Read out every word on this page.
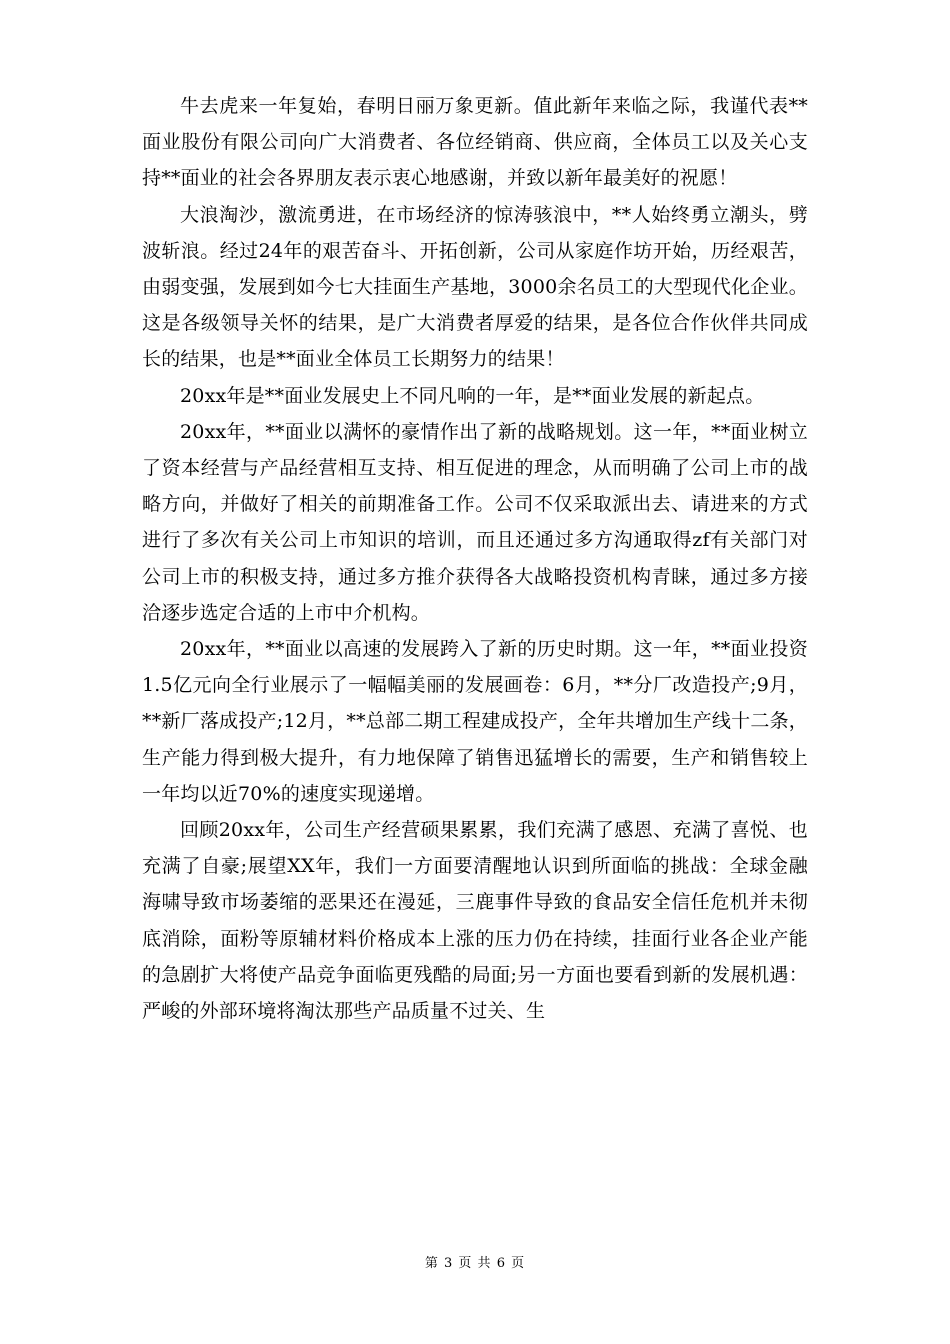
牛去虎来一年复始，春明日丽万象更新。值此新年来临之际，我谨代表**面业股份有限公司向广大消费者、各位经销商、供应商，全体员工以及关心支持**面业的社会各界朋友表示衷心地感谢，并致以新年最美好的祝愿！

大浪淘沙，激流勇进，在市场经济的惊涛骇浪中，**人始终勇立潮头，劈波斩浪。经过24年的艰苦奋斗、开拓创新，公司从家庭作坊开始，历经艰苦，由弱变强，发展到如今七大挂面生产基地，3000余名员工的大型现代化企业。这是各级领导关怀的结果，是广大消费者厚爱的结果，是各位合作伙伴共同成长的结果，也是**面业全体员工长期努力的结果！

20xx年是**面业发展史上不同凡响的一年，是**面业发展的新起点。

20xx年，**面业以满怀的豪情作出了新的战略规划。这一年，**面业树立了资本经营与产品经营相互支持、相互促进的理念，从而明确了公司上市的战略方向，并做好了相关的前期准备工作。公司不仅采取派出去、请进来的方式进行了多次有关公司上市知识的培训，而且还通过多方沟通取得zf有关部门对公司上市的积极支持，通过多方推介获得各大战略投资机构青睐，通过多方接洽逐步选定合适的上市中介机构。

20xx年，**面业以高速的发展跨入了新的历史时期。这一年，**面业投资1.5亿元向全行业展示了一幅幅美丽的发展画卷：6月，**分厂改造投产;9月，**新厂落成投产;12月，**总部二期工程建成投产，全年共增加生产线十二条，生产能力得到极大提升，有力地保障了销售迅猛增长的需要，生产和销售较上一年均以近70%的速度实现递增。

回顾20xx年，公司生产经营硕果累累，我们充满了感恩、充满了喜悦、也充满了自豪;展望XX年，我们一方面要清醒地认识到所面临的挑战：全球金融海啸导致市场萎缩的恶果还在漫延，三鹿事件导致的食品安全信任危机并未彻底消除，面粉等原辅材料价格成本上涨的压力仍在持续，挂面行业各企业产能的急剧扩大将使产品竞争面临更残酷的局面;另一方面也要看到新的发展机遇：严峻的外部环境将淘汰那些产品质量不过关、生

第 3 页 共 6 页
